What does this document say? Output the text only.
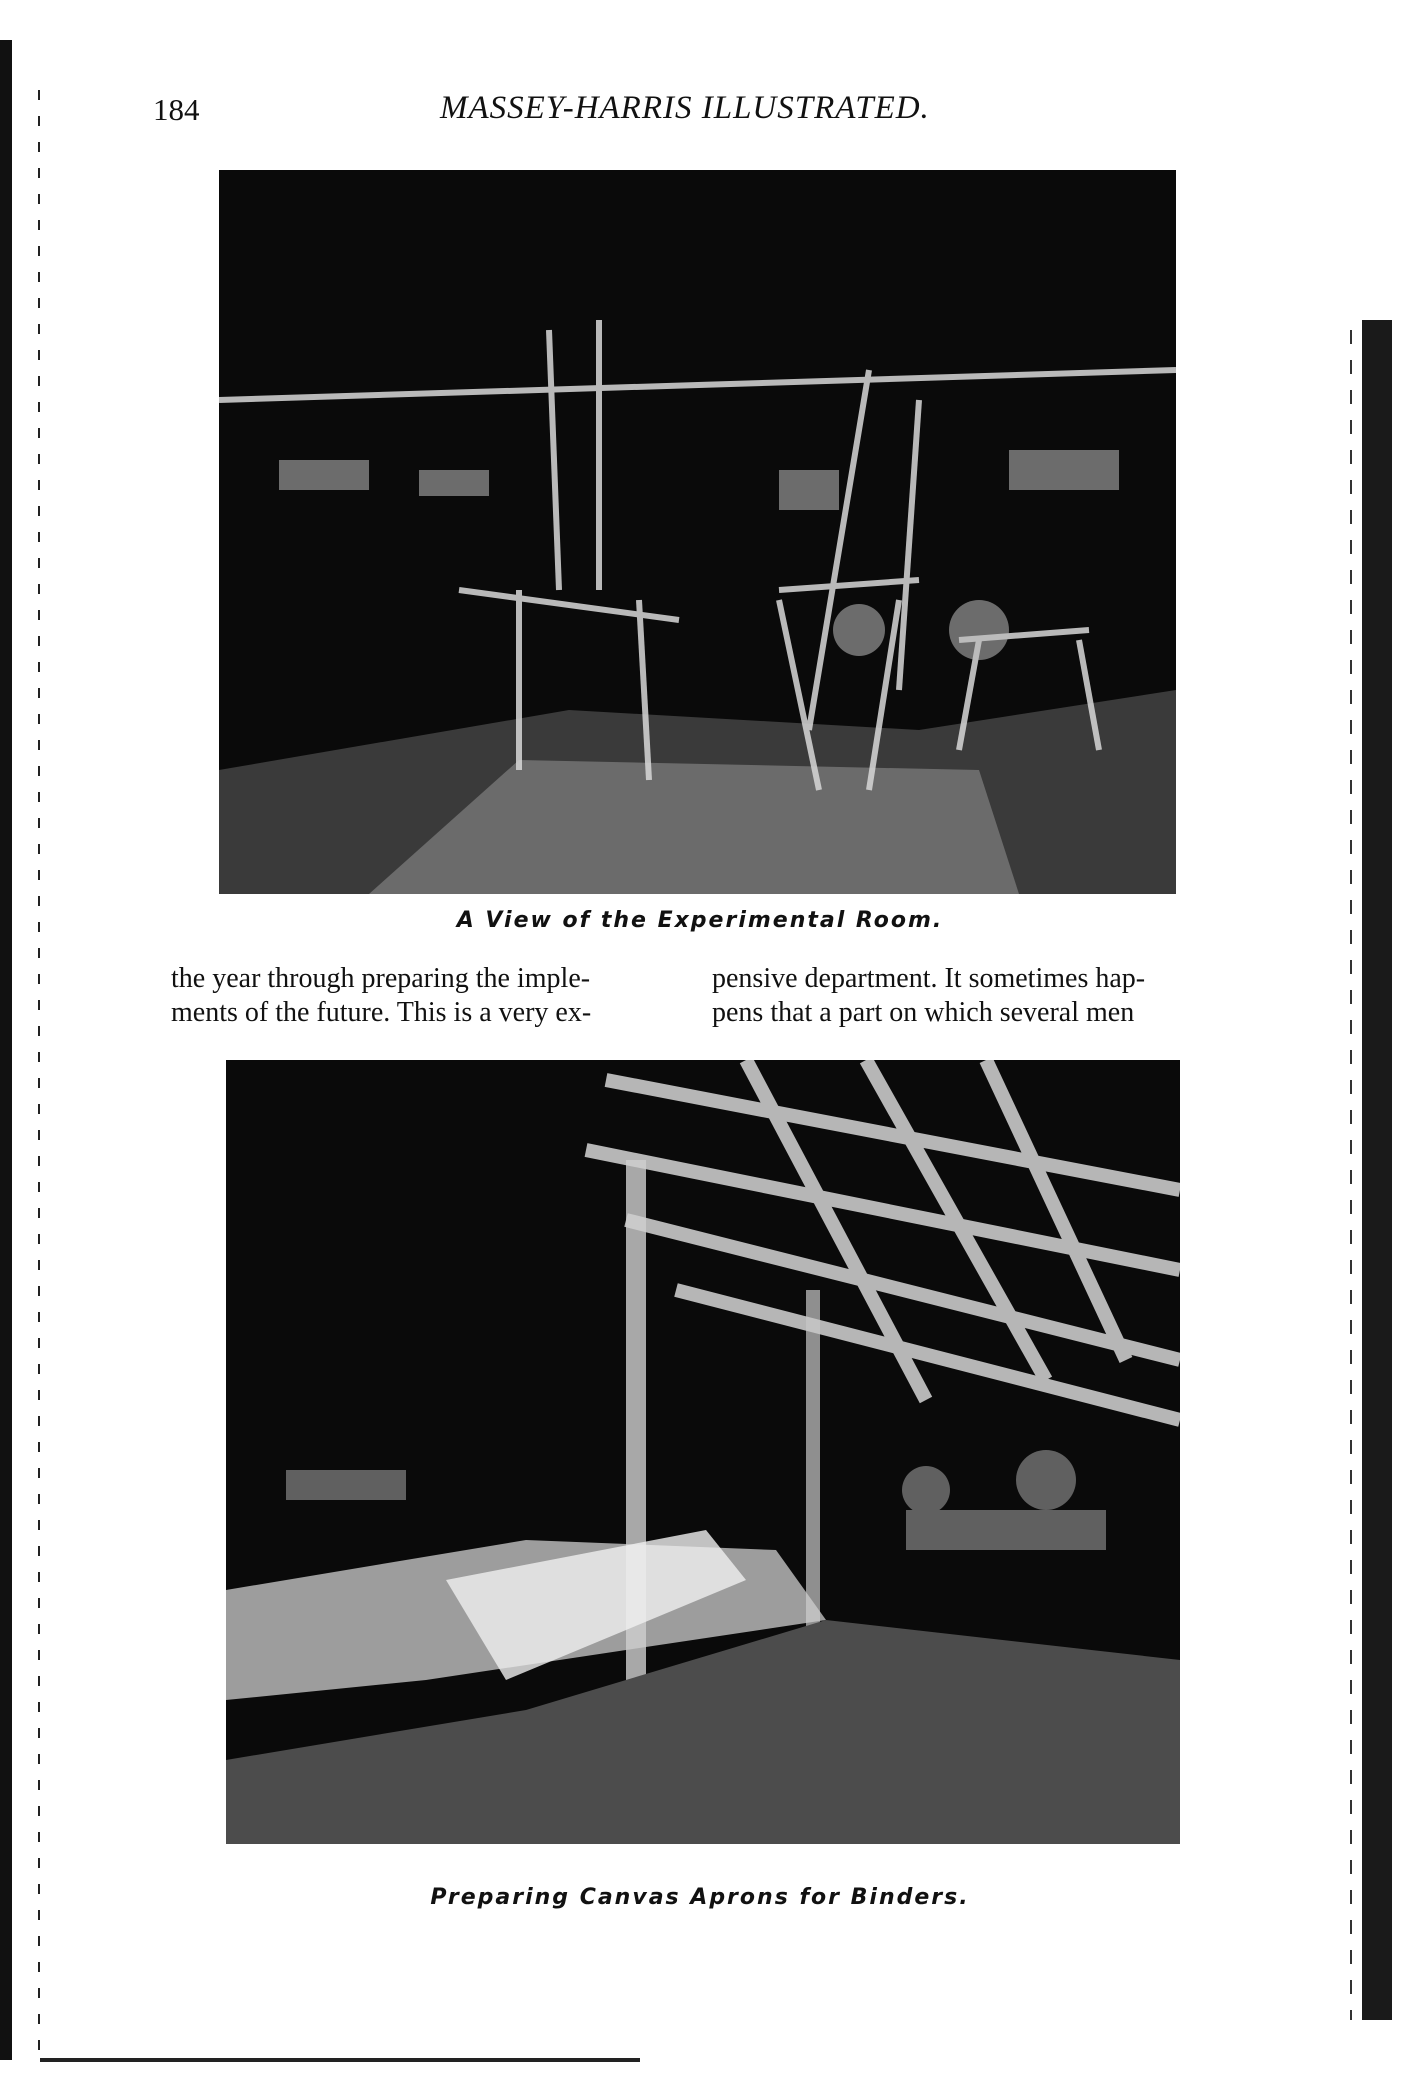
184	MASSEY-HARRIS ILLUSTRATED.
A View of the Experimental Room.
the year through preparing the imple-
ments of the future. This is a very ex-
pensive department. It sometimes hap-
pens that a part on which several men
Preparing Canvas Aprons for Binders.
